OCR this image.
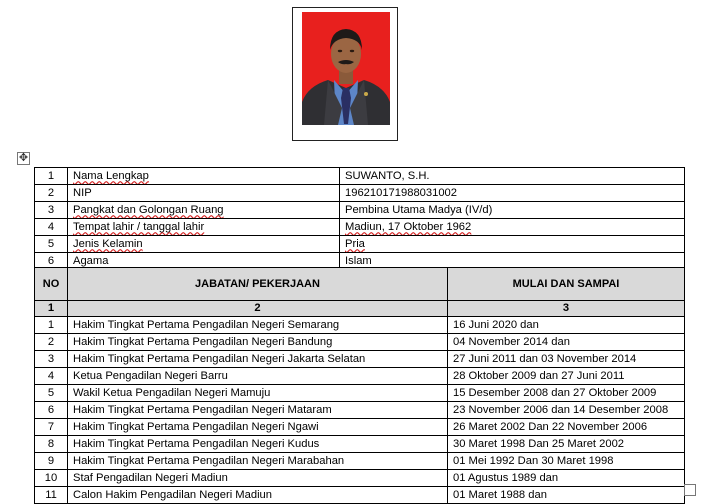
✥
1	Nama Lengkap	SUWANTO, S.H.
2	NIP	196210171988031002
3	Pangkat dan Golongan Ruang	Pembina Utama Madya (IV/d)
4	Tempat lahir / tanggal lahir	Madiun, 17 Oktober 1962
5	Jenis Kelamin	Pria
6	Agama	Islam
NO	JABATAN/ PEKERJAAN	MULAI DAN SAMPAI
1	2	3
1	Hakim Tingkat Pertama Pengadilan Negeri Semarang	16 Juni 2020 dan
2	Hakim Tingkat Pertama Pengadilan Negeri Bandung	04 November 2014 dan
3	Hakim Tingkat Pertama Pengadilan Negeri Jakarta Selatan	27 Juni 2011 dan 03 November 2014
4	Ketua Pengadilan Negeri Barru	28 Oktober 2009 dan 27 Juni 2011
5	Wakil Ketua Pengadilan Negeri Mamuju	15 Desember 2008 dan 27 Oktober 2009
6	Hakim Tingkat Pertama Pengadilan Negeri Mataram	23 November 2006 dan 14 Desember 2008
7	Hakim Tingkat Pertama Pengadilan Negeri Ngawi	26 Maret 2002 Dan 22 November 2006
8	Hakim Tingkat Pertama Pengadilan Negeri Kudus	30 Maret 1998 Dan 25 Maret 2002
9	Hakim Tingkat Pertama Pengadilan Negeri Marabahan	01 Mei 1992 Dan 30 Maret 1998
10	Staf Pengadilan Negeri Madiun	01 Agustus 1989 dan
11	Calon Hakim Pengadilan Negeri Madiun	01 Maret 1988 dan
